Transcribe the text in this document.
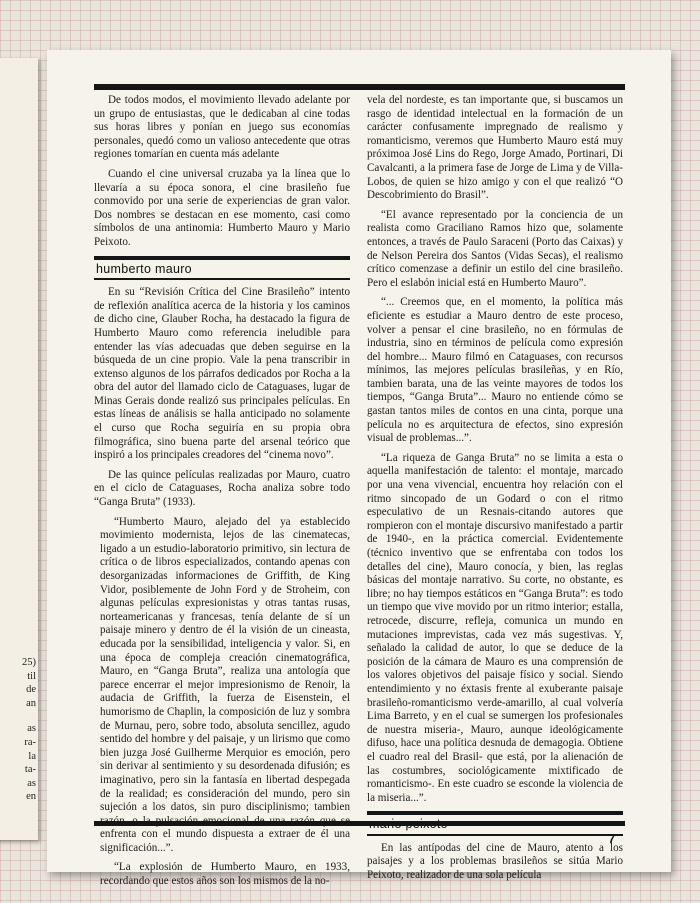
25)
til
de
an
as
ra-
la
ta-
as
en

De todos modos, el movimiento llevado adelante por un grupo de entusiastas, que le dedicaban al cine todas sus horas libres y ponían en juego sus economías personales, quedó como un valioso antecedente que otras regiones tomarían en cuenta más adelante

Cuando el cine universal cruzaba ya la línea que lo llevaría a su época sonora, el cine brasileño fue conmovido por una serie de experiencias de gran valor. Dos nombres se destacan en ese momento, casi como símbolos de una antinomia: Humberto Mauro y Mario Peixoto.

humberto mauro

En su “Revisión Crítica del Cine Brasileño” intento de reflexión analítica acerca de la historia y los caminos de dicho cine, Glauber Rocha, ha destacado la figura de Humberto Mauro como referencia ineludible para entender las vías adecuadas que deben seguirse en la búsqueda de un cine propio. Vale la pena transcribir in extenso algunos de los párrafos dedicados por Rocha a la obra del autor del llamado ciclo de Cataguases, lugar de Minas Gerais donde realizó sus principales películas. En estas líneas de análisis se halla anticipado no solamente el curso que Rocha seguiría en su propia obra filmográfica, sino buena parte del arsenal teórico que inspiró a los principales creadores del “cinema novo”.

De las quince películas realizadas por Mauro, cuatro en el ciclo de Cataguases, Rocha analiza sobre todo “Ganga Bruta” (1933).

“Humberto Mauro, alejado del ya establecido movimiento modernista, lejos de las cinematecas, ligado a un estudio-laboratorio primitivo, sin lectura de crítica o de libros especializados, contando apenas con desorganizadas informaciones de Griffith, de King Vidor, posiblemente de John Ford y de Stroheim, con algunas películas expresionistas y otras tantas rusas, norteamericanas y francesas, tenía delante de sí un paisaje minero y dentro de él la visión de un cineasta, educada por la sensibilidad, inteligencia y valor. Si, en una época de compleja creación cinematográfica, Mauro, en “Ganga Bruta”, realiza una antología que parece encerrar el mejor impresionismo de Renoir, la audacia de Griffith, la fuerza de Eisenstein, el humorismo de Chaplin, la composición de luz y sombra de Murnau, pero, sobre todo, absoluta sencillez, agudo sentido del hombre y del paisaje, y un lirismo que como bien juzga José Guilherme Merquior es emoción, pero sin derivar al sentimiento y su desordenada difusión; es imaginativo, pero sin la fantasía en libertad despegada de la realidad; es consideración del mundo, pero sin sujeción a los datos, sin puro disciplinismo; tambien enfrenta con el mundo dispuesta a extraer de él una significación...”.

“La explosión de Humberto Mauro, en 1933, recordando que estos años son los mismos de la no-

vela del nordeste, es tan importante que, si buscamos un rasgo de identidad intelectual en la formación de un carácter confusamente impregnado de realismo y romanticismo, veremos que Humberto Mauro está muy próximoa José Lins do Rego, Jorge Amado, Portinari, Di Cavalcanti, a la primera fase de Jorge de Lima y de Villa-Lobos, de quien se hizo amigo y con el que realizó “O Descobrimiento do Brasil”.

“El avance representado por la conciencia de un realista como Graciliano Ramos hizo que, solamente entonces, a través de Paulo Saraceni (Porto das Caixas) y de Nelson Pereira dos Santos (Vidas Secas), el realismo crítico comenzase a definir un estilo del cine brasileño. Pero el eslabón inicial está en Humberto Mauro”.

“... Creemos que, en el momento, la política más eficiente es estudiar a Mauro dentro de este proceso, volver a pensar el cine brasileño, no en fórmulas de industria, sino en términos de película como expresión del hombre... Mauro filmó en Cataguases, con recursos mínimos, las mejores películas brasileñas, y en Río, tambien barata, una de las veinte mayores de todos los tiempos, “Ganga Bruta”... Mauro no entiende cómo se gastan tantos miles de contos en una cinta, porque una película no es arquitectura de efectos, sino expresión visual de problemas...”.

“La riqueza de Ganga Bruta” no se limita a esta o aquella manifestación de talento: el montaje, marcado por una vena vivencial, encuentra hoy relación con el ritmo sincopado de un Godard o con el ritmo especulativo de un Resnais-citando autores que rompieron con el montaje discursivo manifestado a partir de 1940-, en la práctica comercial. Evidentemente (técnico inventivo que se enfrentaba con todos los detalles del cine), Mauro conocía, y bien, las reglas básicas del montaje narrativo. Su corte, no obstante, es libre; no hay tiempos estáticos en “Ganga Bruta”: es todo un tiempo que vive movido por un ritmo interior; estalla, retrocede, discurre, refleja, comunica un mundo en mutaciones imprevistas, cada vez más sugestivas. Y, señalado la calidad de autor, lo que se deduce de la posición de la cámara de Mauro es una comprensión de los valores objetivos del paisaje físico y social. Siendo entendimiento y no éxtasis frente al exuberante paisaje brasileño-romanticismo verde-amarillo, al cual volvería Lima Barreto, y en el cual se sumergen los profesionales de nuestra miseria-, Mauro, aunque ideológicamente difuso, hace una política desnuda de demagogia. Obtiene el cuadro real del Brasil- que está, por la alienación de las costumbres, sociológicamente mixtificado de romanticismo-. En este cuadro se esconde la violencia de la miseria...”.

En las antípodas del cine de Mauro, atento a los paisajes y a los problemas brasileños se sitúa Mario Peixoto, realizador de una sola película

7
